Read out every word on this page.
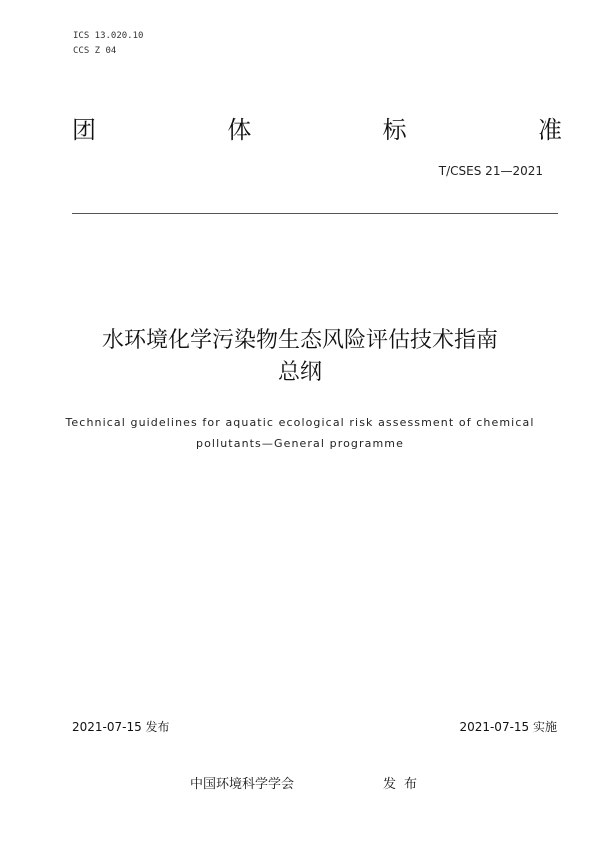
ICS 13.020.10
CCS Z 04
团	体	标	准
T/CSES 21—2021
水环境化学污染物生态风险评估技术指南
总纲
Technical guidelines for aquatic ecological risk assessment of chemical
pollutants—General programme
2021-07-15 发布	2021-07-15 实施
中国环境科学学会	发布
